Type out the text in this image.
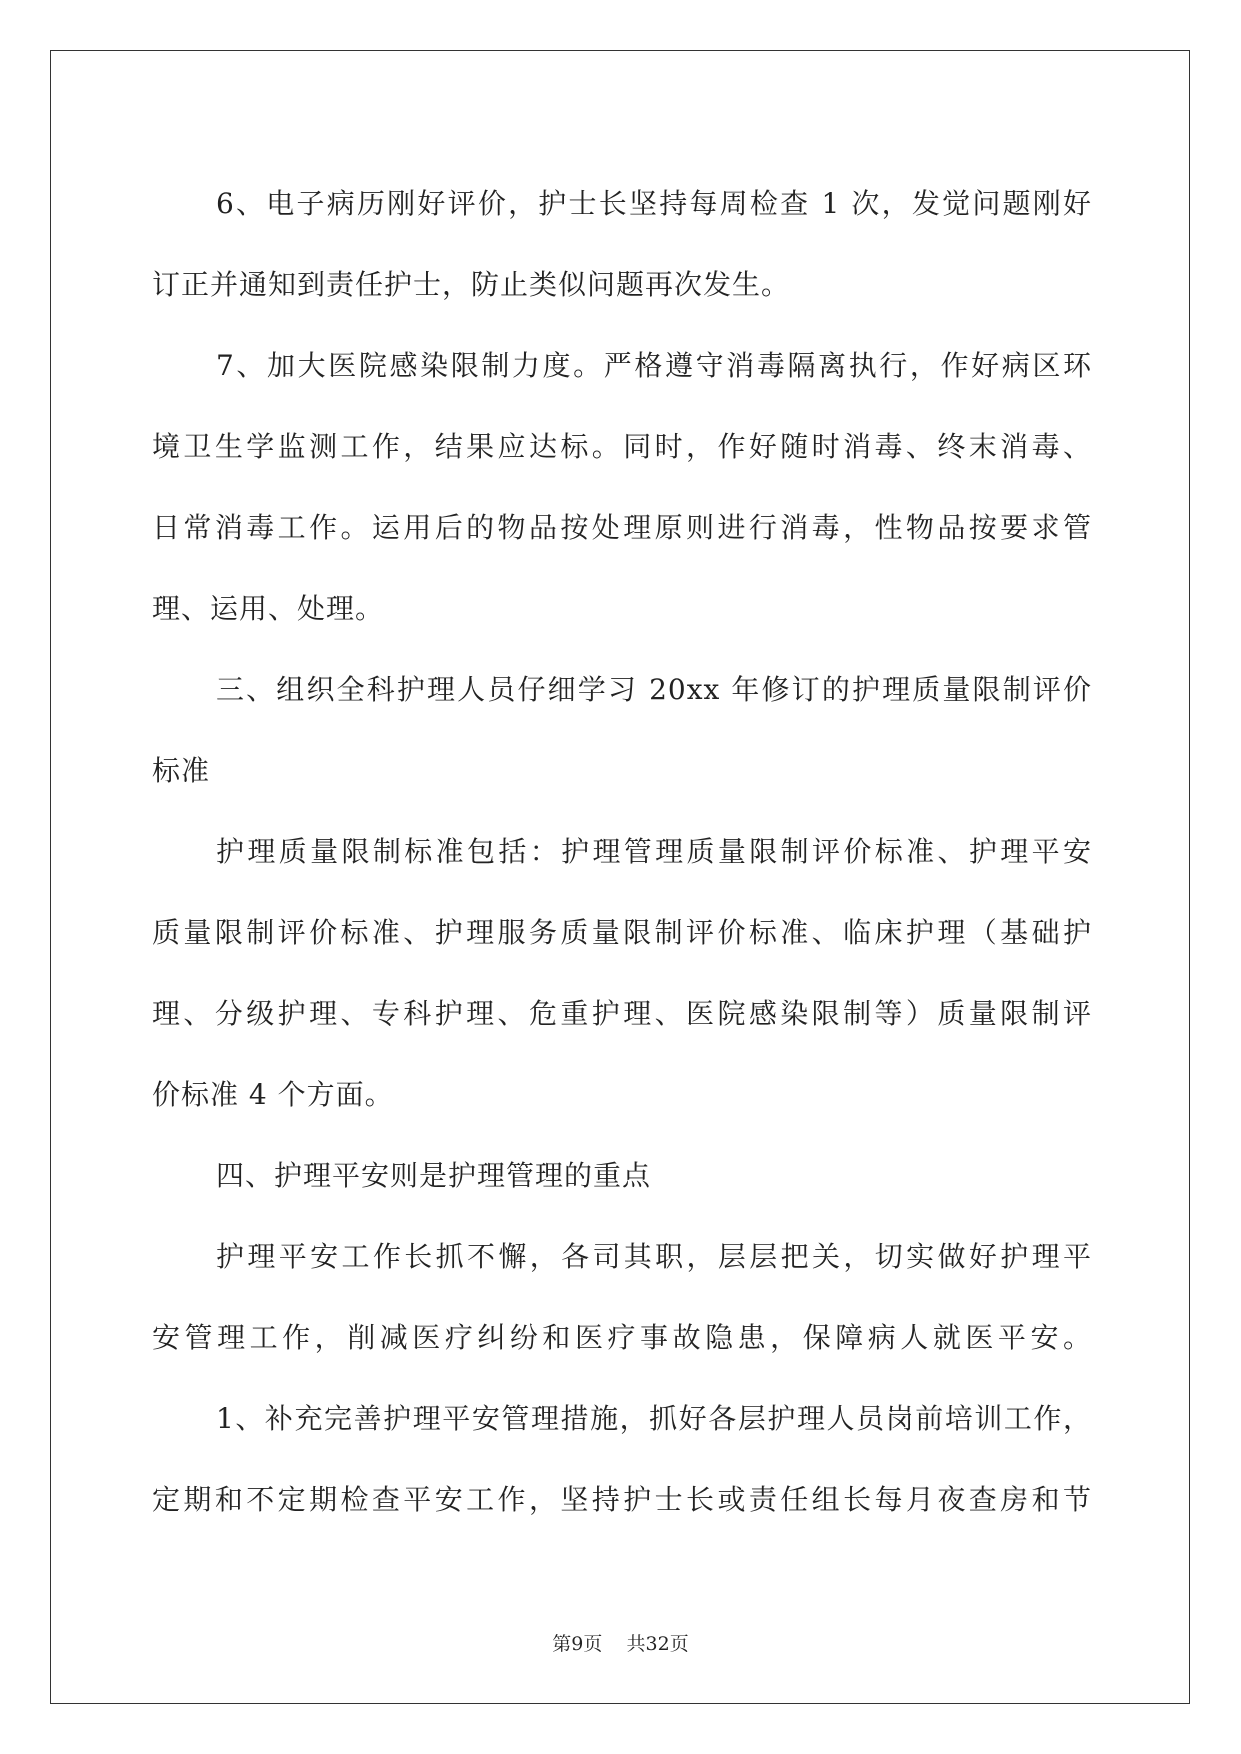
6、电子病历刚好评价，护士长坚持每周检查 1 次，发觉问题刚好
订正并通知到责任护士，防止类似问题再次发生。
7、加大医院感染限制力度。严格遵守消毒隔离执行，作好病区环
境卫生学监测工作，结果应达标。同时，作好随时消毒、终末消毒、
日常消毒工作。运用后的物品按处理原则进行消毒，性物品按要求管
理、运用、处理。
三、组织全科护理人员仔细学习 20xx 年修订的护理质量限制评价
标准
护理质量限制标准包括：护理管理质量限制评价标准、护理平安
质量限制评价标准、护理服务质量限制评价标准、临床护理（基础护
理、分级护理、专科护理、危重护理、医院感染限制等）质量限制评
价标准 4 个方面。
四、护理平安则是护理管理的重点
护理平安工作长抓不懈，各司其职，层层把关，切实做好护理平
安管理工作，削减医疗纠纷和医疗事故隐患，保障病人就医平安。
1、补充完善护理平安管理措施，抓好各层护理人员岗前培训工作，
定期和不定期检查平安工作，坚持护士长或责任组长每月夜查房和节
第9页 共32页
